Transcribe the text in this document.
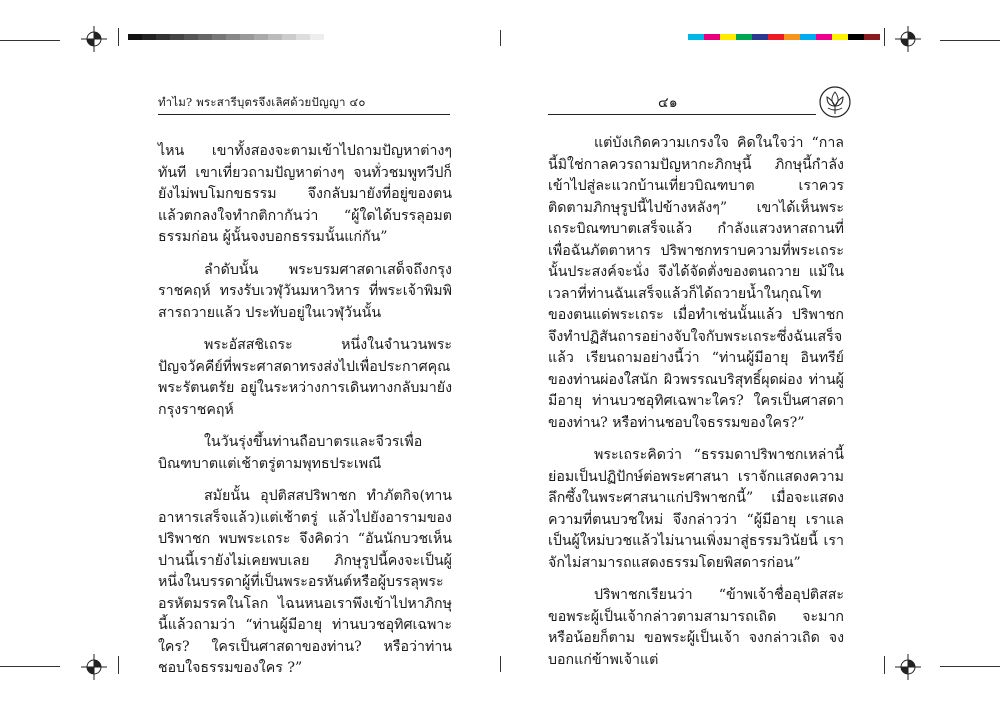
ทำไม? พระสารีบุตรจึงเลิศด้วยปัญญา ๔๐

ไหน เขาทั้งสองจะตามเข้าไปถามปัญหาต่างๆ ทันที เขาเที่ยวถามปัญหาต่างๆ จนทั่วชมพูทวีปก็ยังไม่พบโมกขธรรม จึงกลับมายังที่อยู่ของตน แล้วตกลงใจทำกติกากันว่า “ผู้ใดได้บรรลุอมตธรรมก่อน ผู้นั้นจงบอกธรรมนั้นแก่กัน”

ลำดับนั้น พระบรมศาสดาเสด็จถึงกรุงราชคฤห์ ทรงรับเวฬุวันมหาวิหาร ที่พระเจ้าพิมพิสารถวายแล้ว ประทับอยู่ในเวฬุวันนั้น

พระอัสสชิเถระ หนึ่งในจำนวนพระปัญจวัคคีย์ที่พระศาสดาทรงส่งไปเพื่อประกาศคุณพระรัตนตรัย อยู่ในระหว่างการเดินทางกลับมายังกรุงราชคฤห์

ในวันรุ่งขึ้นท่านถือบาตรและจีวรเพื่อบิณฑบาตแต่เช้าตรู่ตามพุทธประเพณี

สมัยนั้น อุปติสสปริพาชก ทำภัตกิจ(ทานอาหารเสร็จแล้ว)แต่เช้าตรู่ แล้วไปยังอารามของปริพาชก พบพระเถระ จึงคิดว่า “อันนักบวชเห็นปานนี้เรายังไม่เคยพบเลย ภิกษุรูปนี้คงจะเป็นผู้หนึ่งในบรรดาผู้ที่เป็นพระอรหันต์หรือผู้บรรลุพระอรหัตมรรคในโลก ไฉนหนอเราพึงเข้าไปหาภิกษุนี้แล้วถามว่า “ท่านผู้มีอายุ ท่านบวชอุทิศเฉพาะใคร? ใครเป็นศาสดาของท่าน? หรือว่าท่านชอบใจธรรมของใคร ?”

๔๑

แต่บังเกิดความเกรงใจ คิดในใจว่า “กาลนี้มิใช่กาลควรถามปัญหากะภิกษุนี้ ภิกษุนี้กำลังเข้าไปสู่ละแวกบ้านเที่ยวบิณฑบาต เราควรติดตามภิกษุรูปนี้ไปข้างหลังๆ” เขาได้เห็นพระเถระบิณฑบาตเสร็จแล้ว กำลังแสวงหาสถานที่เพื่อฉันภัตตาหาร ปริพาชกทราบความที่พระเถระนั้นประสงค์จะนั่ง จึงได้จัดตั่งของตนถวาย แม้ในเวลาที่ท่านฉันเสร็จแล้วก็ได้ถวายน้ำในกุณโฑของตนแด่พระเถระ เมื่อทำเช่นนั้นแล้ว ปริพาชกจึงทำปฏิสันถารอย่างจับใจกับพระเถระซึ่งฉันเสร็จแล้ว เรียนถามอย่างนี้ว่า “ท่านผู้มีอายุ อินทรีย์ของท่านผ่องใสนัก ผิวพรรณบริสุทธิ์ผุดผ่อง ท่านผู้มีอายุ ท่านบวชอุทิศเฉพาะใคร? ใครเป็นศาสดาของท่าน? หรือท่านชอบใจธรรมของใคร?”

พระเถระคิดว่า “ธรรมดาปริพาชกเหล่านี้ ย่อมเป็นปฏิปักษ์ต่อพระศาสนา เราจักแสดงความลึกซึ้งในพระศาสนาแก่ปริพาชกนี้” เมื่อจะแสดงความที่ตนบวชใหม่ จึงกล่าวว่า “ผู้มีอายุ เราแลเป็นผู้ใหม่บวชแล้วไม่นานเพิ่งมาสู่ธรรมวินัยนี้ เราจักไม่สามารถแสดงธรรมโดยพิสดารก่อน”

ปริพาชกเรียนว่า “ข้าพเจ้าชื่ออุปติสสะ ขอพระผู้เป็นเจ้ากล่าวตามสามารถเถิด จะมากหรือน้อยก็ตาม ขอพระผู้เป็นเจ้า จงกล่าวเถิด จงบอกแก่ข้าพเจ้าแต่
